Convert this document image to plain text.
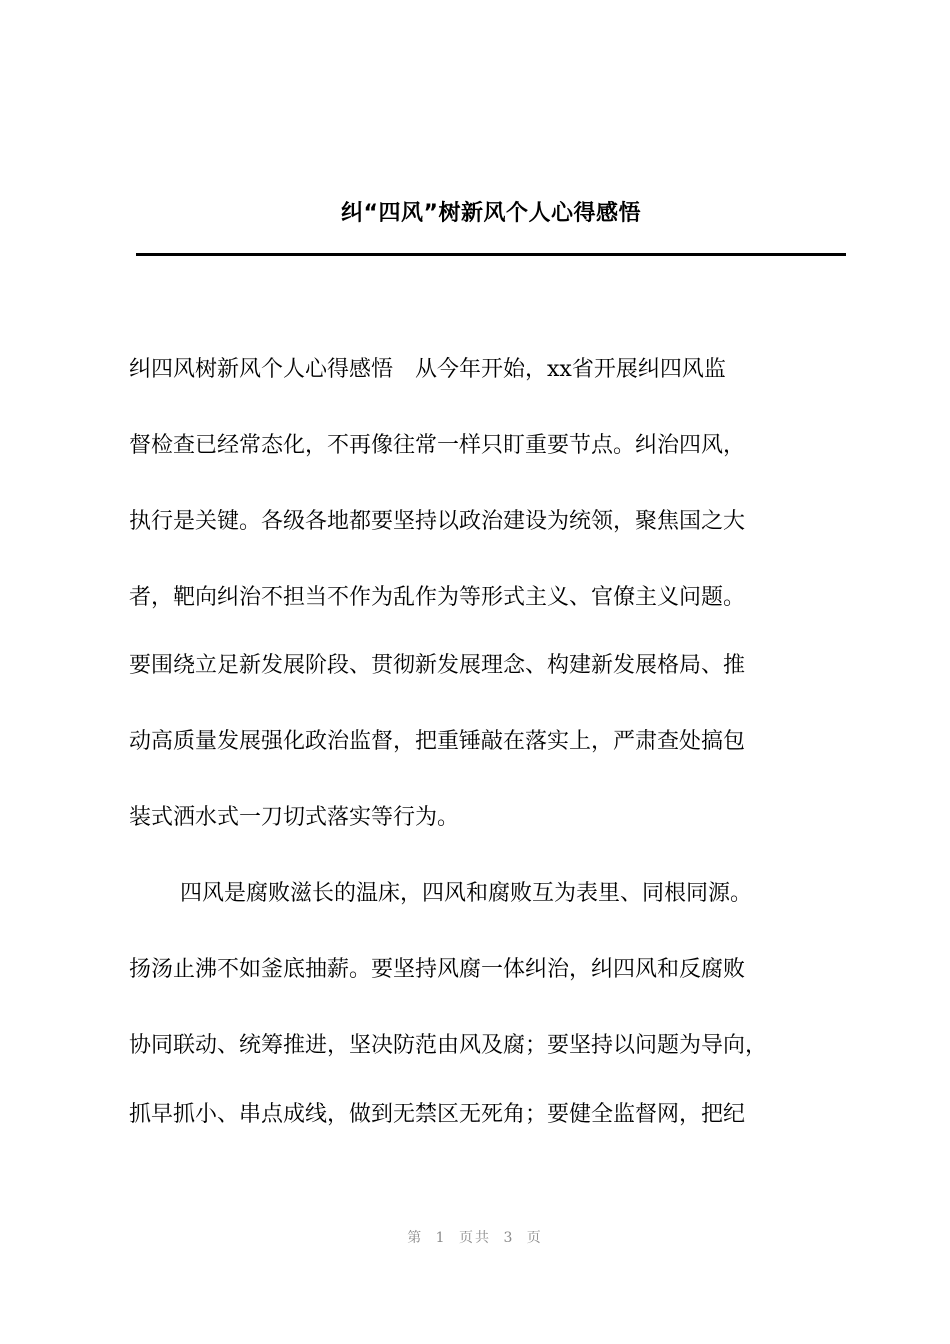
纠“四风”树新风个人心得感悟
纠四风树新风个人心得感悟　从今年开始，xx省开展纠四风监
督检查已经常态化，不再像往常一样只盯重要节点。纠治四风，
执行是关键。各级各地都要坚持以政治建设为统领，聚焦国之大
者，靶向纠治不担当不作为乱作为等形式主义、官僚主义问题。
要围绕立足新发展阶段、贯彻新发展理念、构建新发展格局、推
动高质量发展强化政治监督，把重锤敲在落实上，严肃查处搞包
装式洒水式一刀切式落实等行为。
四风是腐败滋长的温床，四风和腐败互为表里、同根同源。
扬汤止沸不如釜底抽薪。要坚持风腐一体纠治，纠四风和反腐败
协同联动、统筹推进，坚决防范由风及腐；要坚持以问题为导向，
抓早抓小、串点成线，做到无禁区无死角；要健全监督网，把纪
第 1 页共 3 页
